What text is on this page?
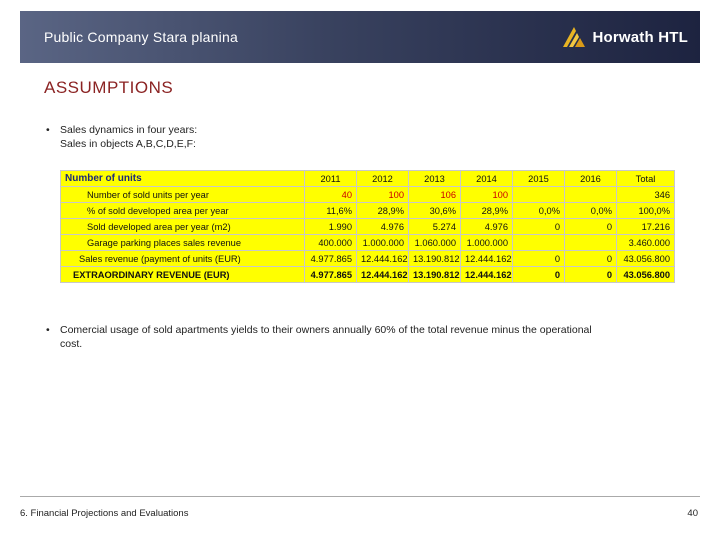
Public Company Stara planina	Horwath HTL
ASSUMPTIONS
• Sales dynamics in four years:
Sales in objects A,B,C,D,E,F:
Number of units	2011	2012	2013	2014	2015	2016	Total
Number of sold units per year	40	100	106	100			346
% of sold developed area per year	11,6%	28,9%	30,6%	28,9%	0,0%	0,0%	100,0%
Sold developed area per year (m2)	1.990	4.976	5.274	4.976	0	0	17.216
Garage parking places sales revenue	400.000	1.000.000	1.060.000	1.000.000			3.460.000
Sales revenue (payment of units (EUR)	4.977.865	12.444.162	13.190.812	12.444.162	0	0	43.056.800
EXTRAORDINARY REVENUE (EUR)	4.977.865	12.444.162	13.190.812	12.444.162	0	0	43.056.800
• Comercial usage of sold apartments yields to their owners annually 60% of the total revenue minus the operational
cost.
6. Financial Projections and Evaluations	40
